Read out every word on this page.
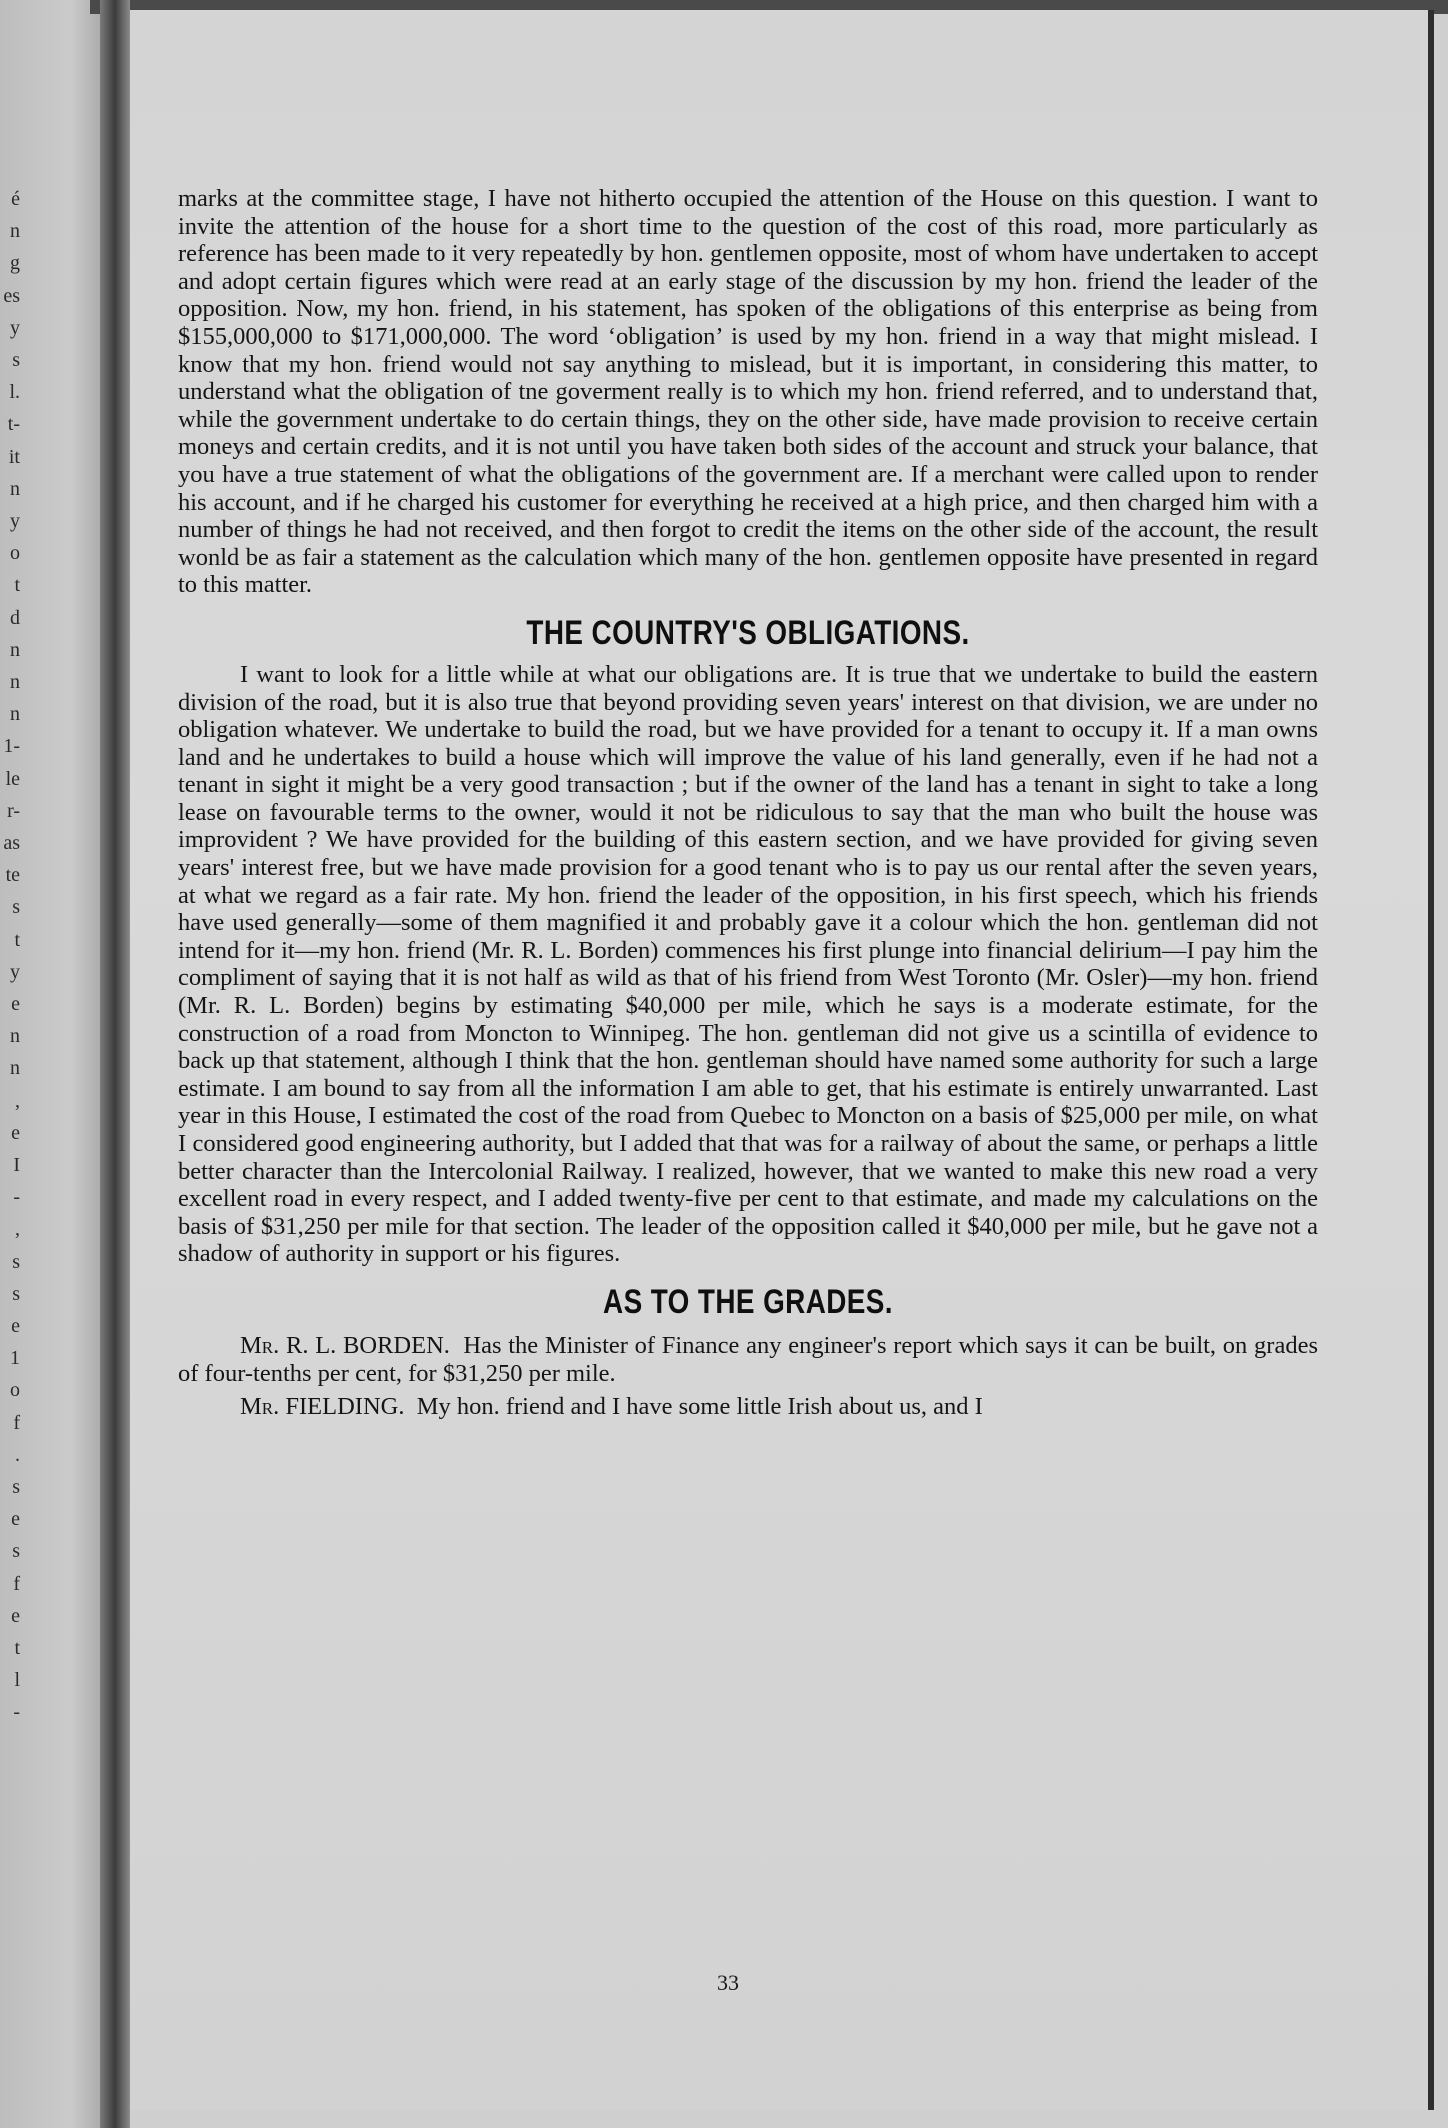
é
n
g
es
y
s
l.
t-
it
n
y
o
t
d
n
n
n
1-
le
r-
as
te
s
t
y
e
n
n
,
e
I
-
,
s
s
e
1
o
f
.
s
e
s
f
e
t
l
-

marks at the committee stage, I have not hitherto occupied the attention of the House on this question. I want to invite the attention of the house for a short time to the question of the cost of this road, more particularly as reference has been made to it very repeatedly by hon. gentlemen opposite, most of whom have undertaken to accept and adopt certain figures which were read at an early stage of the discussion by my hon. friend the leader of the opposition. Now, my hon. friend, in his statement, has spoken of the obligations of this enterprise as being from $155,000,000 to $171,000,000. The word ‘obligation’ is used by my hon. friend in a way that might mislead. I know that my hon. friend would not say anything to mislead, but it is important, in considering this matter, to understand what the obligation of tne goverment really is to which my hon. friend referred, and to understand that, while the government undertake to do certain things, they on the other side, have made provision to receive certain moneys and certain credits, and it is not until you have taken both sides of the account and struck your balance, that you have a true statement of what the obligations of the government are. If a merchant were called upon to render his account, and if he charged his customer for everything he received at a high price, and then charged him with a number of things he had not received, and then forgot to credit the items on the other side of the account, the result wonld be as fair a statement as the calculation which many of the hon. gentlemen opposite have presented in regard to this matter.

THE COUNTRY'S OBLIGATIONS.

I want to look for a little while at what our obligations are. It is true that we undertake to build the eastern division of the road, but it is also true that beyond providing seven years' interest on that division, we are under no obligation whatever. We undertake to build the road, but we have provided for a tenant to occupy it. If a man owns land and he undertakes to build a house which will improve the value of his land generally, even if he had not a tenant in sight it might be a very good transaction ; but if the owner of the land has a tenant in sight to take a long lease on favourable terms to the owner, would it not be ridiculous to say that the man who built the house was improvident ? We have provided for the building of this eastern section, and we have provided for giving seven years' interest free, but we have made provision for a good tenant who is to pay us our rental after the seven years, at what we regard as a fair rate. My hon. friend the leader of the opposition, in his first speech, which his friends have used generally—some of them magnified it and probably gave it a colour which the hon. gentleman did not intend for it—my hon. friend (Mr. R. L. Borden) commences his first plunge into financial delirium—I pay him the compliment of saying that it is not half as wild as that of his friend from West Toronto (Mr. Osler)—my hon. friend (Mr. R. L. Borden) begins by estimating $40,000 per mile, which he says is a moderate estimate, for the construction of a road from Moncton to Winnipeg. The hon. gentleman did not give us a scintilla of evidence to back up that statement, although I think that the hon. gentleman should have named some authority for such a large estimate. I am bound to say from all the information I am able to get, that his estimate is entirely unwarranted. Last year in this House, I estimated the cost of the road from Quebec to Moncton on a basis of $25,000 per mile, on what I considered good engineering authority, but I added that that was for a railway of about the same, or perhaps a little better character than the Intercolonial Railway. I realized, however, that we wanted to make this new road a very excellent road in every respect, and I added twenty-five per cent to that estimate, and made my calculations on the basis of $31,250 per mile for that section. The leader of the opposition called it $40,000 per mile, but he gave not a shadow of authority in support or his figures.

AS TO THE GRADES.

Mr. R. L. BORDEN. Has the Minister of Finance any engineer's report which says it can be built, on grades of four-tenths per cent, for $31,250 per mile.

Mr. FIELDING. My hon. friend and I have some little Irish about us, and I

33
